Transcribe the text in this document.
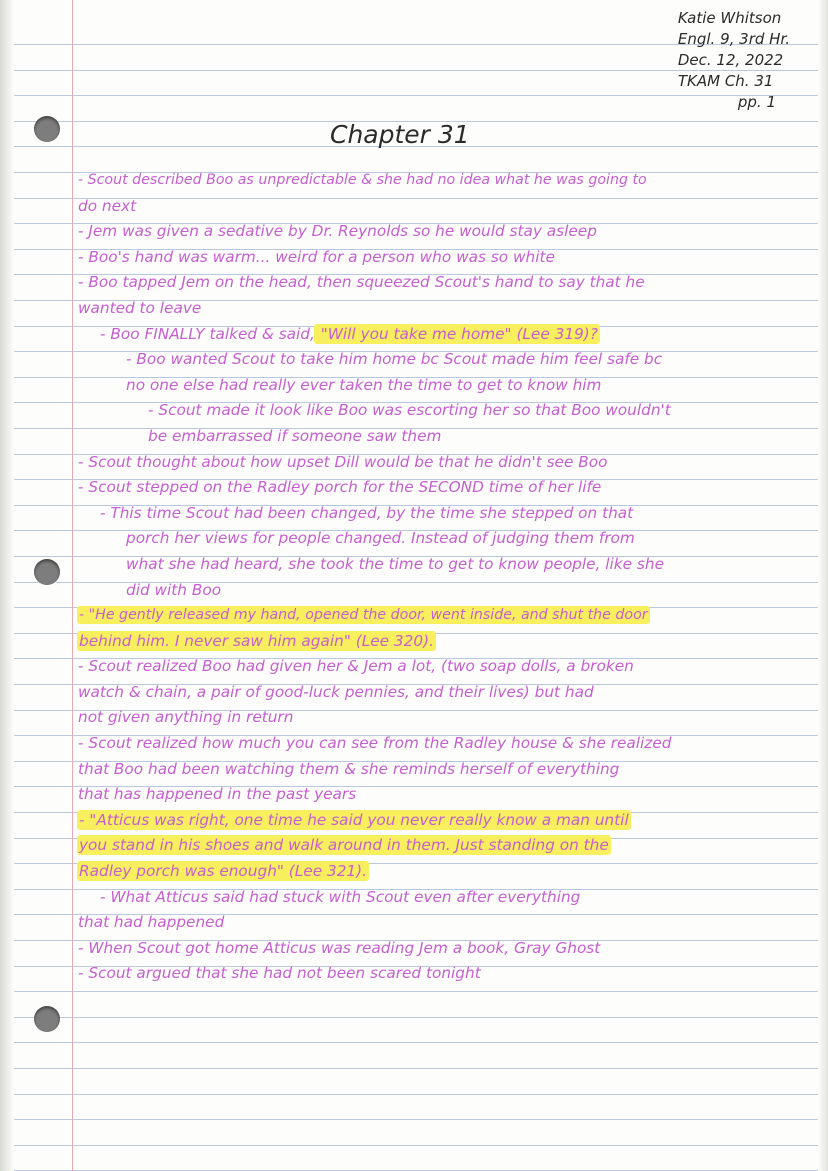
Katie Whitson
Engl. 9, 3rd Hr.
Dec. 12, 2022
TKAM Ch. 31
pp. 1
Chapter 31
- Scout described Boo as unpredictable & she had no idea what he was going to
do next
- Jem was given a sedative by Dr. Reynolds so he would stay asleep
- Boo's hand was warm... weird for a person who was so white
- Boo tapped Jem on the head, then squeezed Scout's hand to say that he
wanted to leave
- Boo FINALLY talked & said, "Will you take me home" (Lee 319)?
- Boo wanted Scout to take him home bc Scout made him feel safe bc
no one else had really ever taken the time to get to know him
- Scout made it look like Boo was escorting her so that Boo wouldn't
be embarrassed if someone saw them
- Scout thought about how upset Dill would be that he didn't see Boo
- Scout stepped on the Radley porch for the SECOND time of her life
- This time Scout had been changed, by the time she stepped on that
porch her views for people changed. Instead of judging them from
what she had heard, she took the time to get to know people, like she
did with Boo
- "He gently released my hand, opened the door, went inside, and shut the door
behind him. I never saw him again" (Lee 320).
- Scout realized Boo had given her & Jem a lot, (two soap dolls, a broken
watch & chain, a pair of good-luck pennies, and their lives) but had
not given anything in return
- Scout realized how much you can see from the Radley house & she realized
that Boo had been watching them & she reminds herself of everything
that has happened in the past years
- "Atticus was right, one time he said you never really know a man until
you stand in his shoes and walk around in them. Just standing on the
Radley porch was enough" (Lee 321).
- What Atticus said had stuck with Scout even after everything
that had happened
- When Scout got home Atticus was reading Jem a book, Gray Ghost
- Scout argued that she had not been scared tonight
